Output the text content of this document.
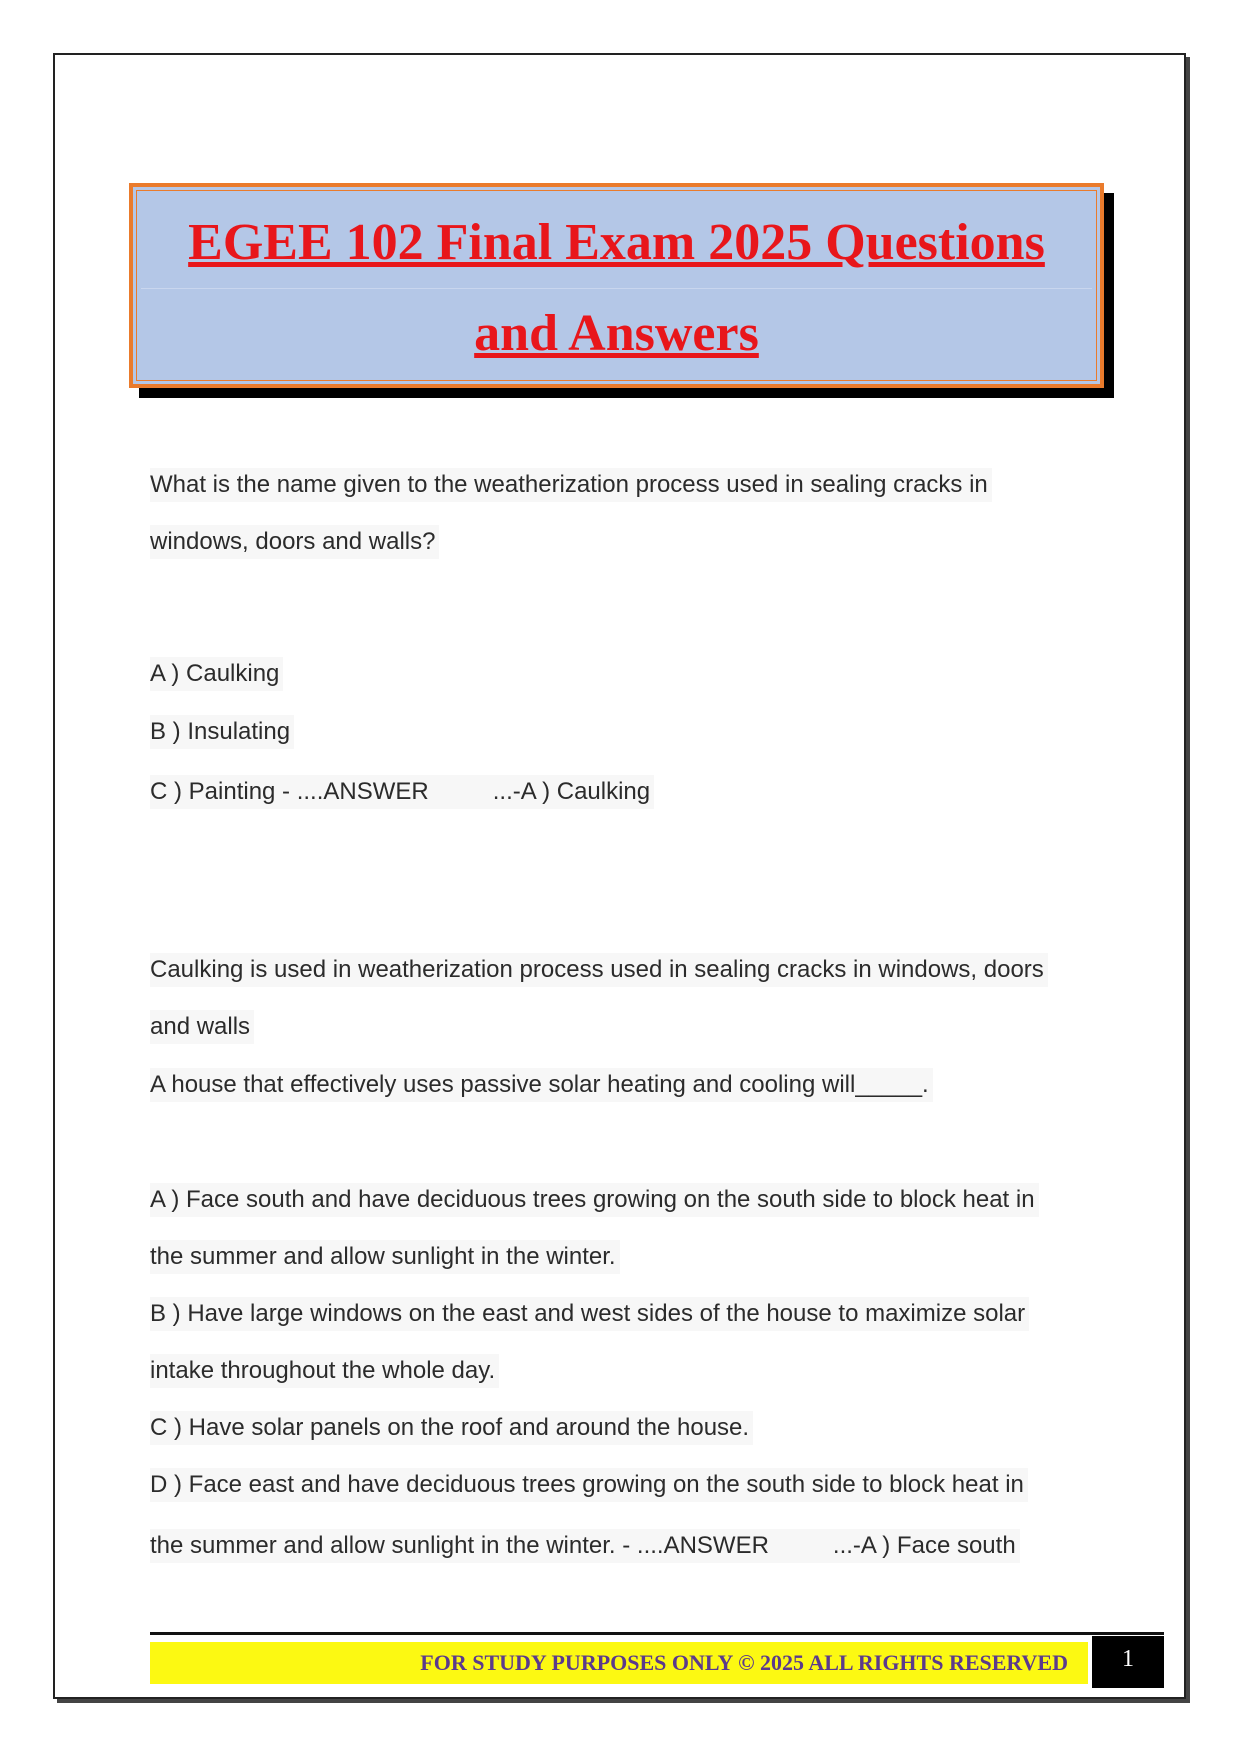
EGEE 102 Final Exam 2025 Questions
and Answers
What is the name given to the weatherization process used in sealing cracks in
windows, doors and walls?
A ) Caulking
B ) Insulating
C ) Painting - ....ANSWER	...-A ) Caulking
Caulking is used in weatherization process used in sealing cracks in windows, doors
and walls
A house that effectively uses passive solar heating and cooling will_____.
A ) Face south and have deciduous trees growing on the south side to block heat in
the summer and allow sunlight in the winter.
B ) Have large windows on the east and west sides of the house to maximize solar
intake throughout the whole day.
C ) Have solar panels on the roof and around the house.
D ) Face east and have deciduous trees growing on the south side to block heat in
the summer and allow sunlight in the winter. - ....ANSWER	...-A ) Face south
FOR STUDY PURPOSES ONLY © 2025 ALL RIGHTS RESERVED	1
